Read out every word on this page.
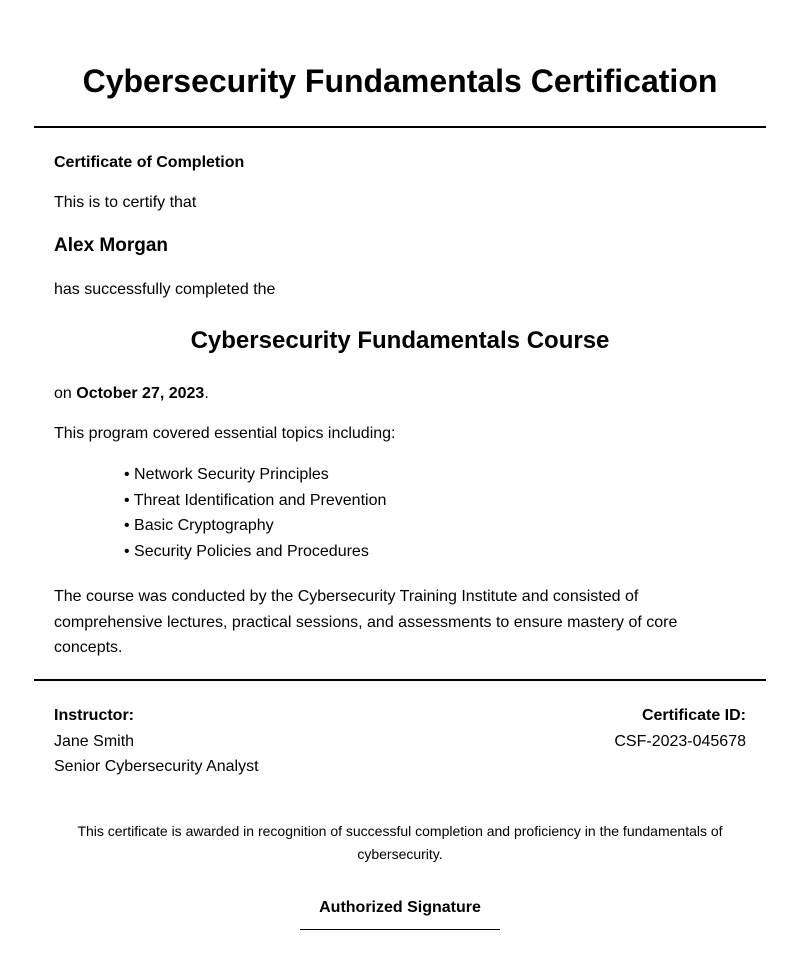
Cybersecurity Fundamentals Certification

Certificate of Completion

This is to certify that

Alex Morgan

has successfully completed the

Cybersecurity Fundamentals Course

on October 27, 2023.

This program covered essential topics including:

• Network Security Principles
• Threat Identification and Prevention
• Basic Cryptography
• Security Policies and Procedures

The course was conducted by the Cybersecurity Training Institute and consisted of comprehensive lectures, practical sessions, and assessments to ensure mastery of core concepts.

Instructor:
Jane Smith
Senior Cybersecurity Analyst
Certificate ID:
CSF-2023-045678

This certificate is awarded in recognition of successful completion and proficiency in the fundamentals of cybersecurity.

Authorized Signature
